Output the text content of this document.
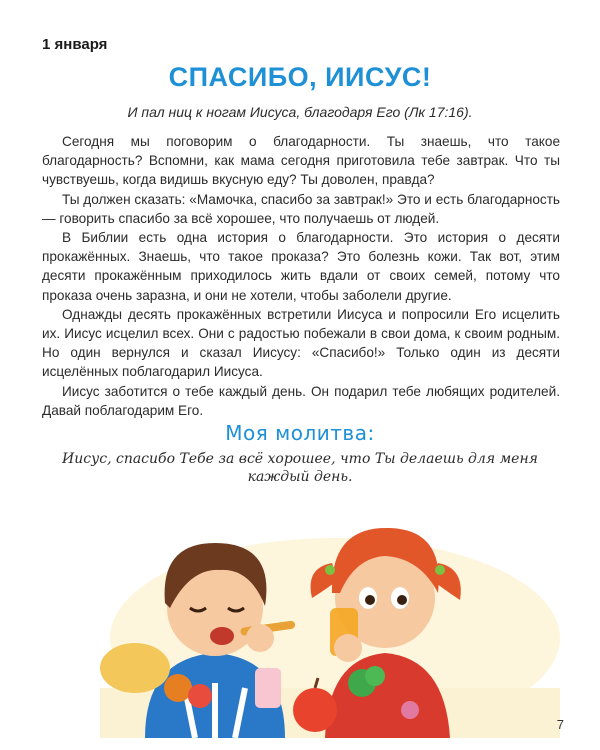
1 января
СПАСИБО, ИИСУС!
И пал ниц к ногам Иисуса, благодаря Его (Лк 17:16).

Сегодня мы поговорим о благодарности. Ты знаешь, что такое благодарность? Вспомни, как мама сегодня приготовила тебе завтрак. Что ты чувствуешь, когда видишь вкусную еду? Ты доволен, правда?

Ты должен сказать: «Мамочка, спасибо за завтрак!» Это и есть благодарность — говорить спасибо за всё хорошее, что получаешь от людей.

В Библии есть одна история о благодарности. Это история о десяти прокажённых. Знаешь, что такое проказа? Это болезнь кожи. Так вот, этим десяти прокажённым приходилось жить вдали от своих семей, потому что проказа очень заразна, и они не хотели, чтобы заболели другие.

Однажды десять прокажённых встретили Иисуса и попросили Его исцелить их. Иисус исцелил всех. Они с радостью побежали в свои дома, к своим родным. Но один вернулся и сказал Иисусу: «Спасибо!» Только один из десяти исцелённых поблагодарил Иисуса.

Иисус заботится о тебе каждый день. Он подарил тебе любящих родителей. Давай поблагодарим Его.

Моя молитва:
Иисус, спасибо Тебе за всё хорошее, что Ты делаешь для меня каждый день.
7
